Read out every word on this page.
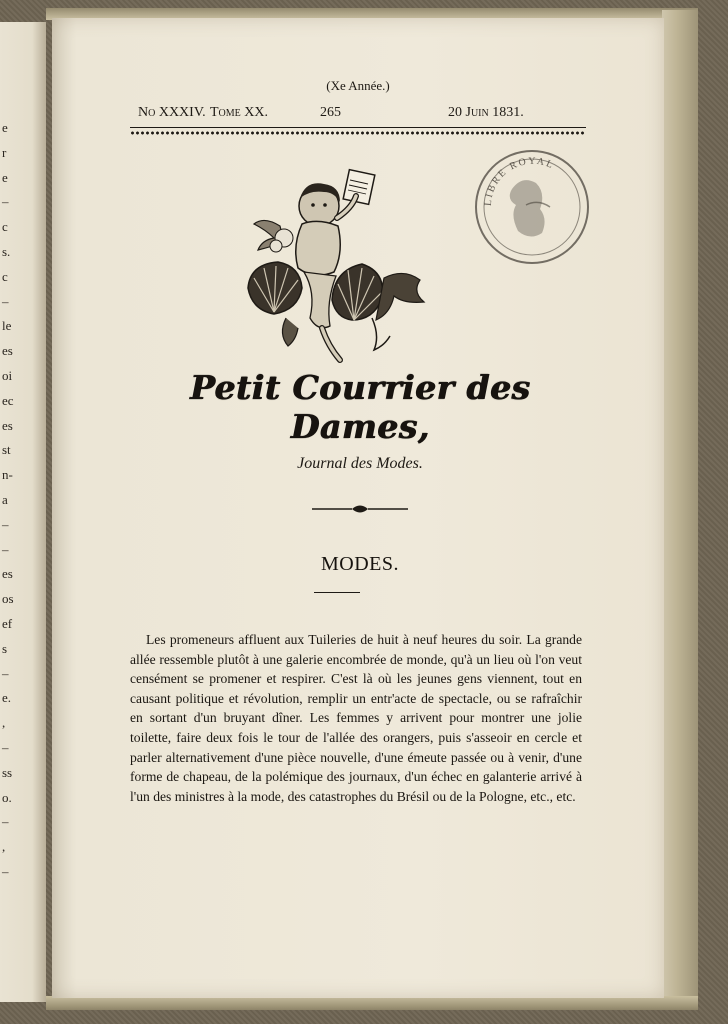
e
r
e
–
c
s.
c
–
le
es
oi
ec
es
st
n-
a
–
–
es
os
ef
s
–
e.
,
–
ss
o.
–
,
–
(Xe Année.)
No XXXIV. Tome XX.	265	20 Juin 1831.
Petit Courrier des Dames,
Journal des Modes.
MODES.

Les promeneurs affluent aux Tuileries de huit à neuf heures du soir. La grande allée ressemble plutôt à une galerie encombrée de monde, qu'à un lieu où l'on veut censément se promener et respirer. C'est là où les jeunes gens viennent, tout en causant politique et révolution, remplir un entr'acte de spectacle, ou se rafraîchir en sortant d'un bruyant dîner. Les femmes y arrivent pour montrer une jolie toilette, faire deux fois le tour de l'allée des orangers, puis s'asseoir en cercle et parler alternativement d'une pièce nouvelle, d'une émeute passée ou à venir, d'une forme de chapeau, de la polémique des journaux, d'un échec en galanterie arrivé à l'un des ministres à la mode, des catastrophes du Brésil ou de la Pologne, etc., etc.

LIBRE ROYAL
